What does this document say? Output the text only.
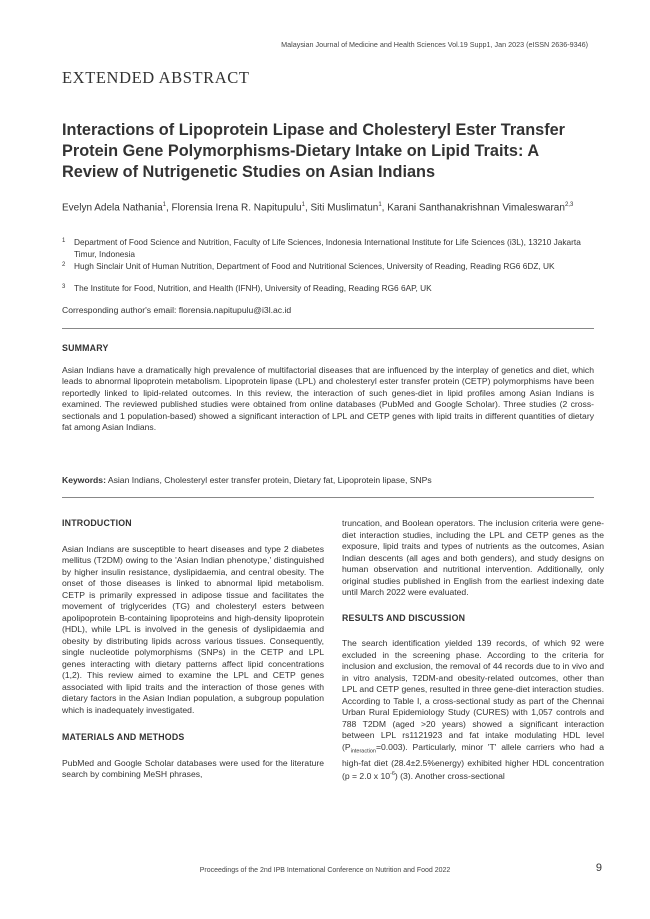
Malaysian Journal of Medicine and Health Sciences Vol.19 Supp1, Jan 2023 (eISSN 2636-9346)
EXTENDED ABSTRACT
Interactions of Lipoprotein Lipase and Cholesteryl Ester Transfer Protein Gene Polymorphisms-Dietary Intake on Lipid Traits: A Review of Nutrigenetic Studies on Asian Indians
Evelyn Adela Nathania$^1$, Florensia Irena R. Napitupulu$^1$, Siti Muslimatun$^1$, Karani Santhanakrishnan Vimaleswaran$^{2,3}$
1	Department of Food Science and Nutrition, Faculty of Life Sciences, Indonesia International Institute for Life Sciences (i3L), 13210 Jakarta Timur, Indonesia
2	Hugh Sinclair Unit of Human Nutrition, Department of Food and Nutritional Sciences, University of Reading, Reading RG6 6DZ, UK
3	The Institute for Food, Nutrition, and Health (IFNH), University of Reading, Reading RG6 6AP, UK
Corresponding author's email: florensia.napitupulu@i3l.ac.id
SUMMARY
Asian Indians have a dramatically high prevalence of multifactorial diseases that are influenced by the interplay of genetics and diet, which leads to abnormal lipoprotein metabolism. Lipoprotein lipase (LPL) and cholesteryl ester transfer protein (CETP) polymorphisms have been reportedly linked to lipid-related outcomes. In this review, the interaction of such genes-diet in lipid profiles among Asian Indians is examined. The reviewed published studies were obtained from online databases (PubMed and Google Scholar). Three studies (2 cross-sectionals and 1 population-based) showed a significant interaction of LPL and CETP genes with lipid traits in different quantities of dietary fat among Asian Indians.
Keywords: Asian Indians, Cholesteryl ester transfer protein, Dietary fat, Lipoprotein lipase, SNPs
INTRODUCTION

Asian Indians are susceptible to heart diseases and type 2 diabetes mellitus (T2DM) owing to the 'Asian Indian phenotype,' distinguished by higher insulin resistance, dyslipidaemia, and central obesity. The onset of those diseases is linked to abnormal lipid metabolism. CETP is primarily expressed in adipose tissue and facilitates the movement of triglycerides (TG) and cholesteryl esters between apolipoprotein B-containing lipoproteins and high-density lipoprotein (HDL), while LPL is involved in the genesis of dyslipidaemia and obesity by distributing lipids across various tissues. Consequently, single nucleotide polymorphisms (SNPs) in the CETP and LPL genes interacting with dietary patterns affect lipid concentrations (1,2). This review aimed to examine the LPL and CETP genes associated with lipid traits and the interaction of those genes with dietary factors in the Asian Indian population, a subgroup population which is inadequately investigated.

MATERIALS AND METHODS

PubMed and Google Scholar databases were used for the literature search by combining MeSH phrases,

truncation, and Boolean operators. The inclusion criteria were gene-diet interaction studies, including the LPL and CETP genes as the exposure, lipid traits and types of nutrients as the outcomes, Asian Indian descents (all ages and both genders), and study designs on human observation and nutritional intervention. Additionally, only original studies published in English from the earliest indexing date until March 2022 were evaluated.

RESULTS AND DISCUSSION

The search identification yielded 139 records, of which 92 were excluded in the screening phase. According to the criteria for inclusion and exclusion, the removal of 44 records due to in vivo and in vitro analysis, T2DM-and obesity-related outcomes, other than LPL and CETP genes, resulted in three gene-diet interaction studies. According to Table I, a cross-sectional study as part of the Chennai Urban Rural Epidemiology Study (CURES) with 1,057 controls and 788 T2DM (aged >20 years) showed a significant interaction between LPL rs1121923 and fat intake modulating HDL level $(P_{interaction}=0.003)$. Particularly, minor 'T' allele carriers who had a high-fat diet (28.4±2.5%energy) exhibited higher HDL concentration (p = 2.0 x $10^{-6}$) (3). Another cross-sectional

Proceedings of the 2nd IPB International Conference on Nutrition and Food 2022	9
